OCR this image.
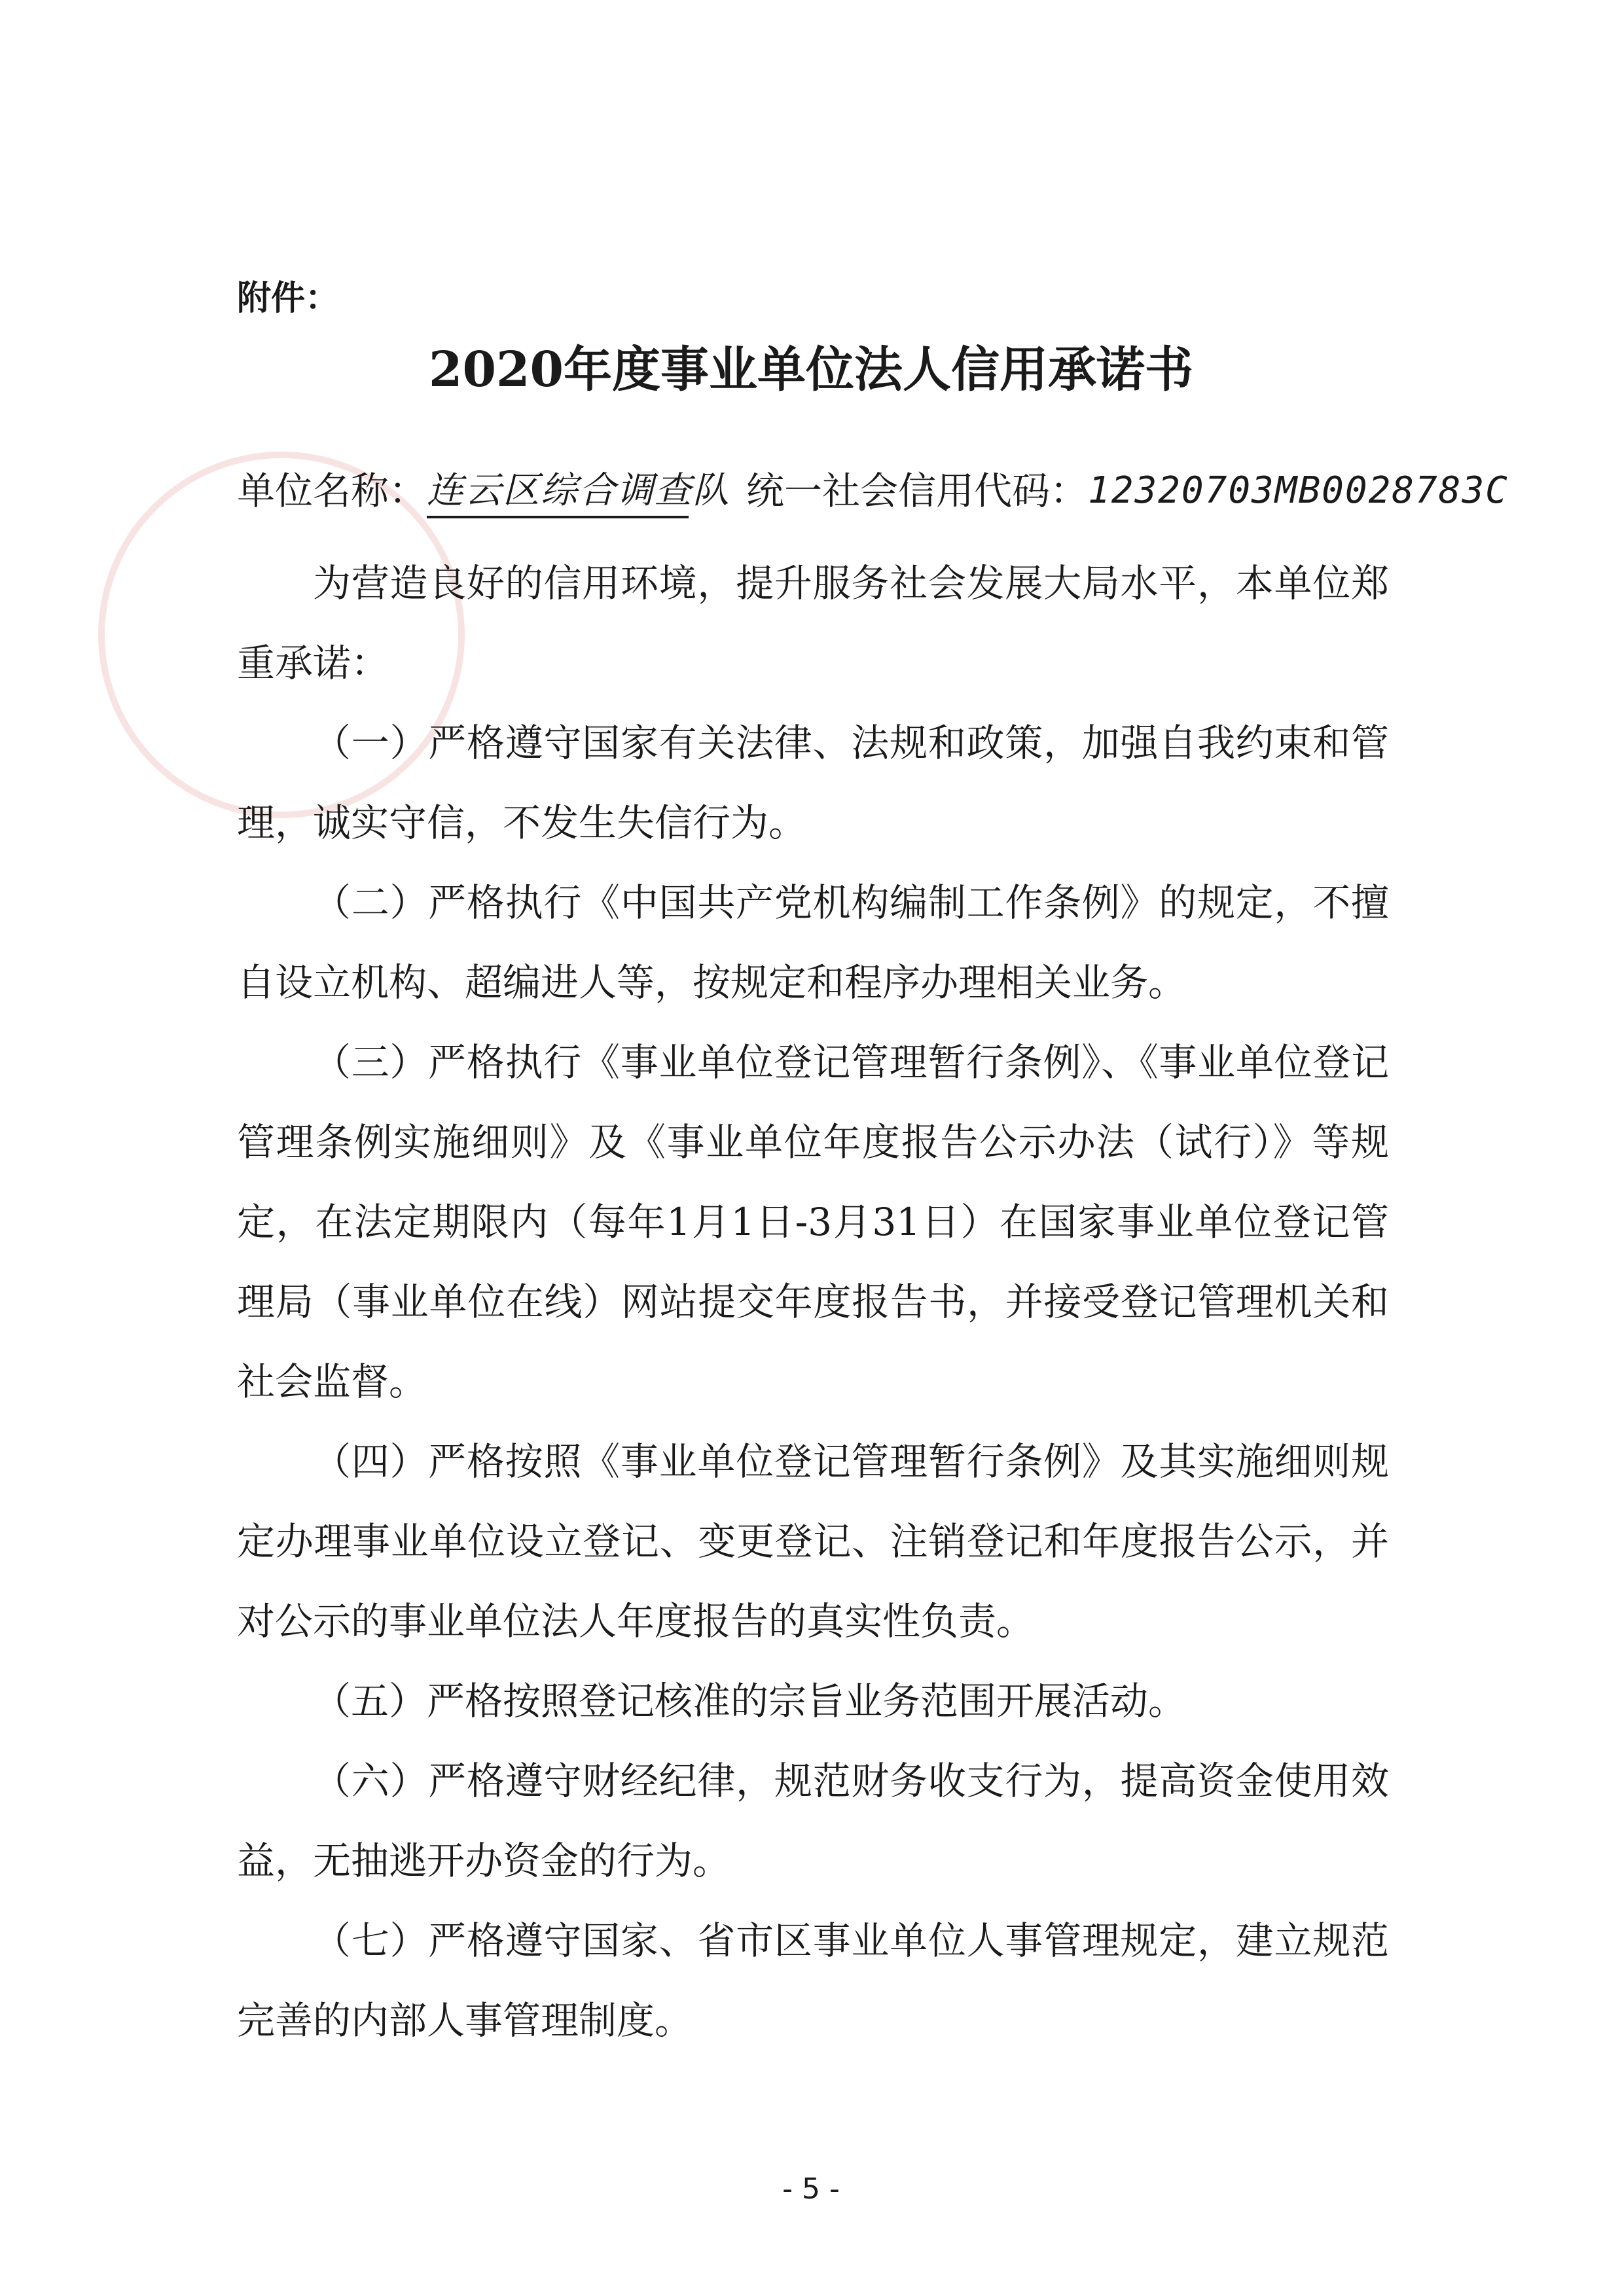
附件：
2020年度事业单位法人信用承诺书
单位名称：连云区综合调查队 统一社会信用代码：12320703MB0028783C

为营造良好的信用环境，提升服务社会发展大局水平，本单位郑重承诺：

（一）严格遵守国家有关法律、法规和政策，加强自我约束和管理，诚实守信，不发生失信行为。

（二）严格执行《中国共产党机构编制工作条例》的规定，不擅自设立机构、超编进人等，按规定和程序办理相关业务。

（三）严格执行《事业单位登记管理暂行条例》、《事业单位登记管理条例实施细则》及《事业单位年度报告公示办法（试行）》等规定，在法定期限内（每年1月1日-3月31日）在国家事业单位登记管理局（事业单位在线）网站提交年度报告书，并接受登记管理机关和社会监督。

（四）严格按照《事业单位登记管理暂行条例》及其实施细则规定办理事业单位设立登记、变更登记、注销登记和年度报告公示，并对公示的事业单位法人年度报告的真实性负责。

（五）严格按照登记核准的宗旨业务范围开展活动。

（六）严格遵守财经纪律，规范财务收支行为，提高资金使用效益，无抽逃开办资金的行为。

（七）严格遵守国家、省市区事业单位人事管理规定，建立规范完善的内部人事管理制度。

- 5 -
